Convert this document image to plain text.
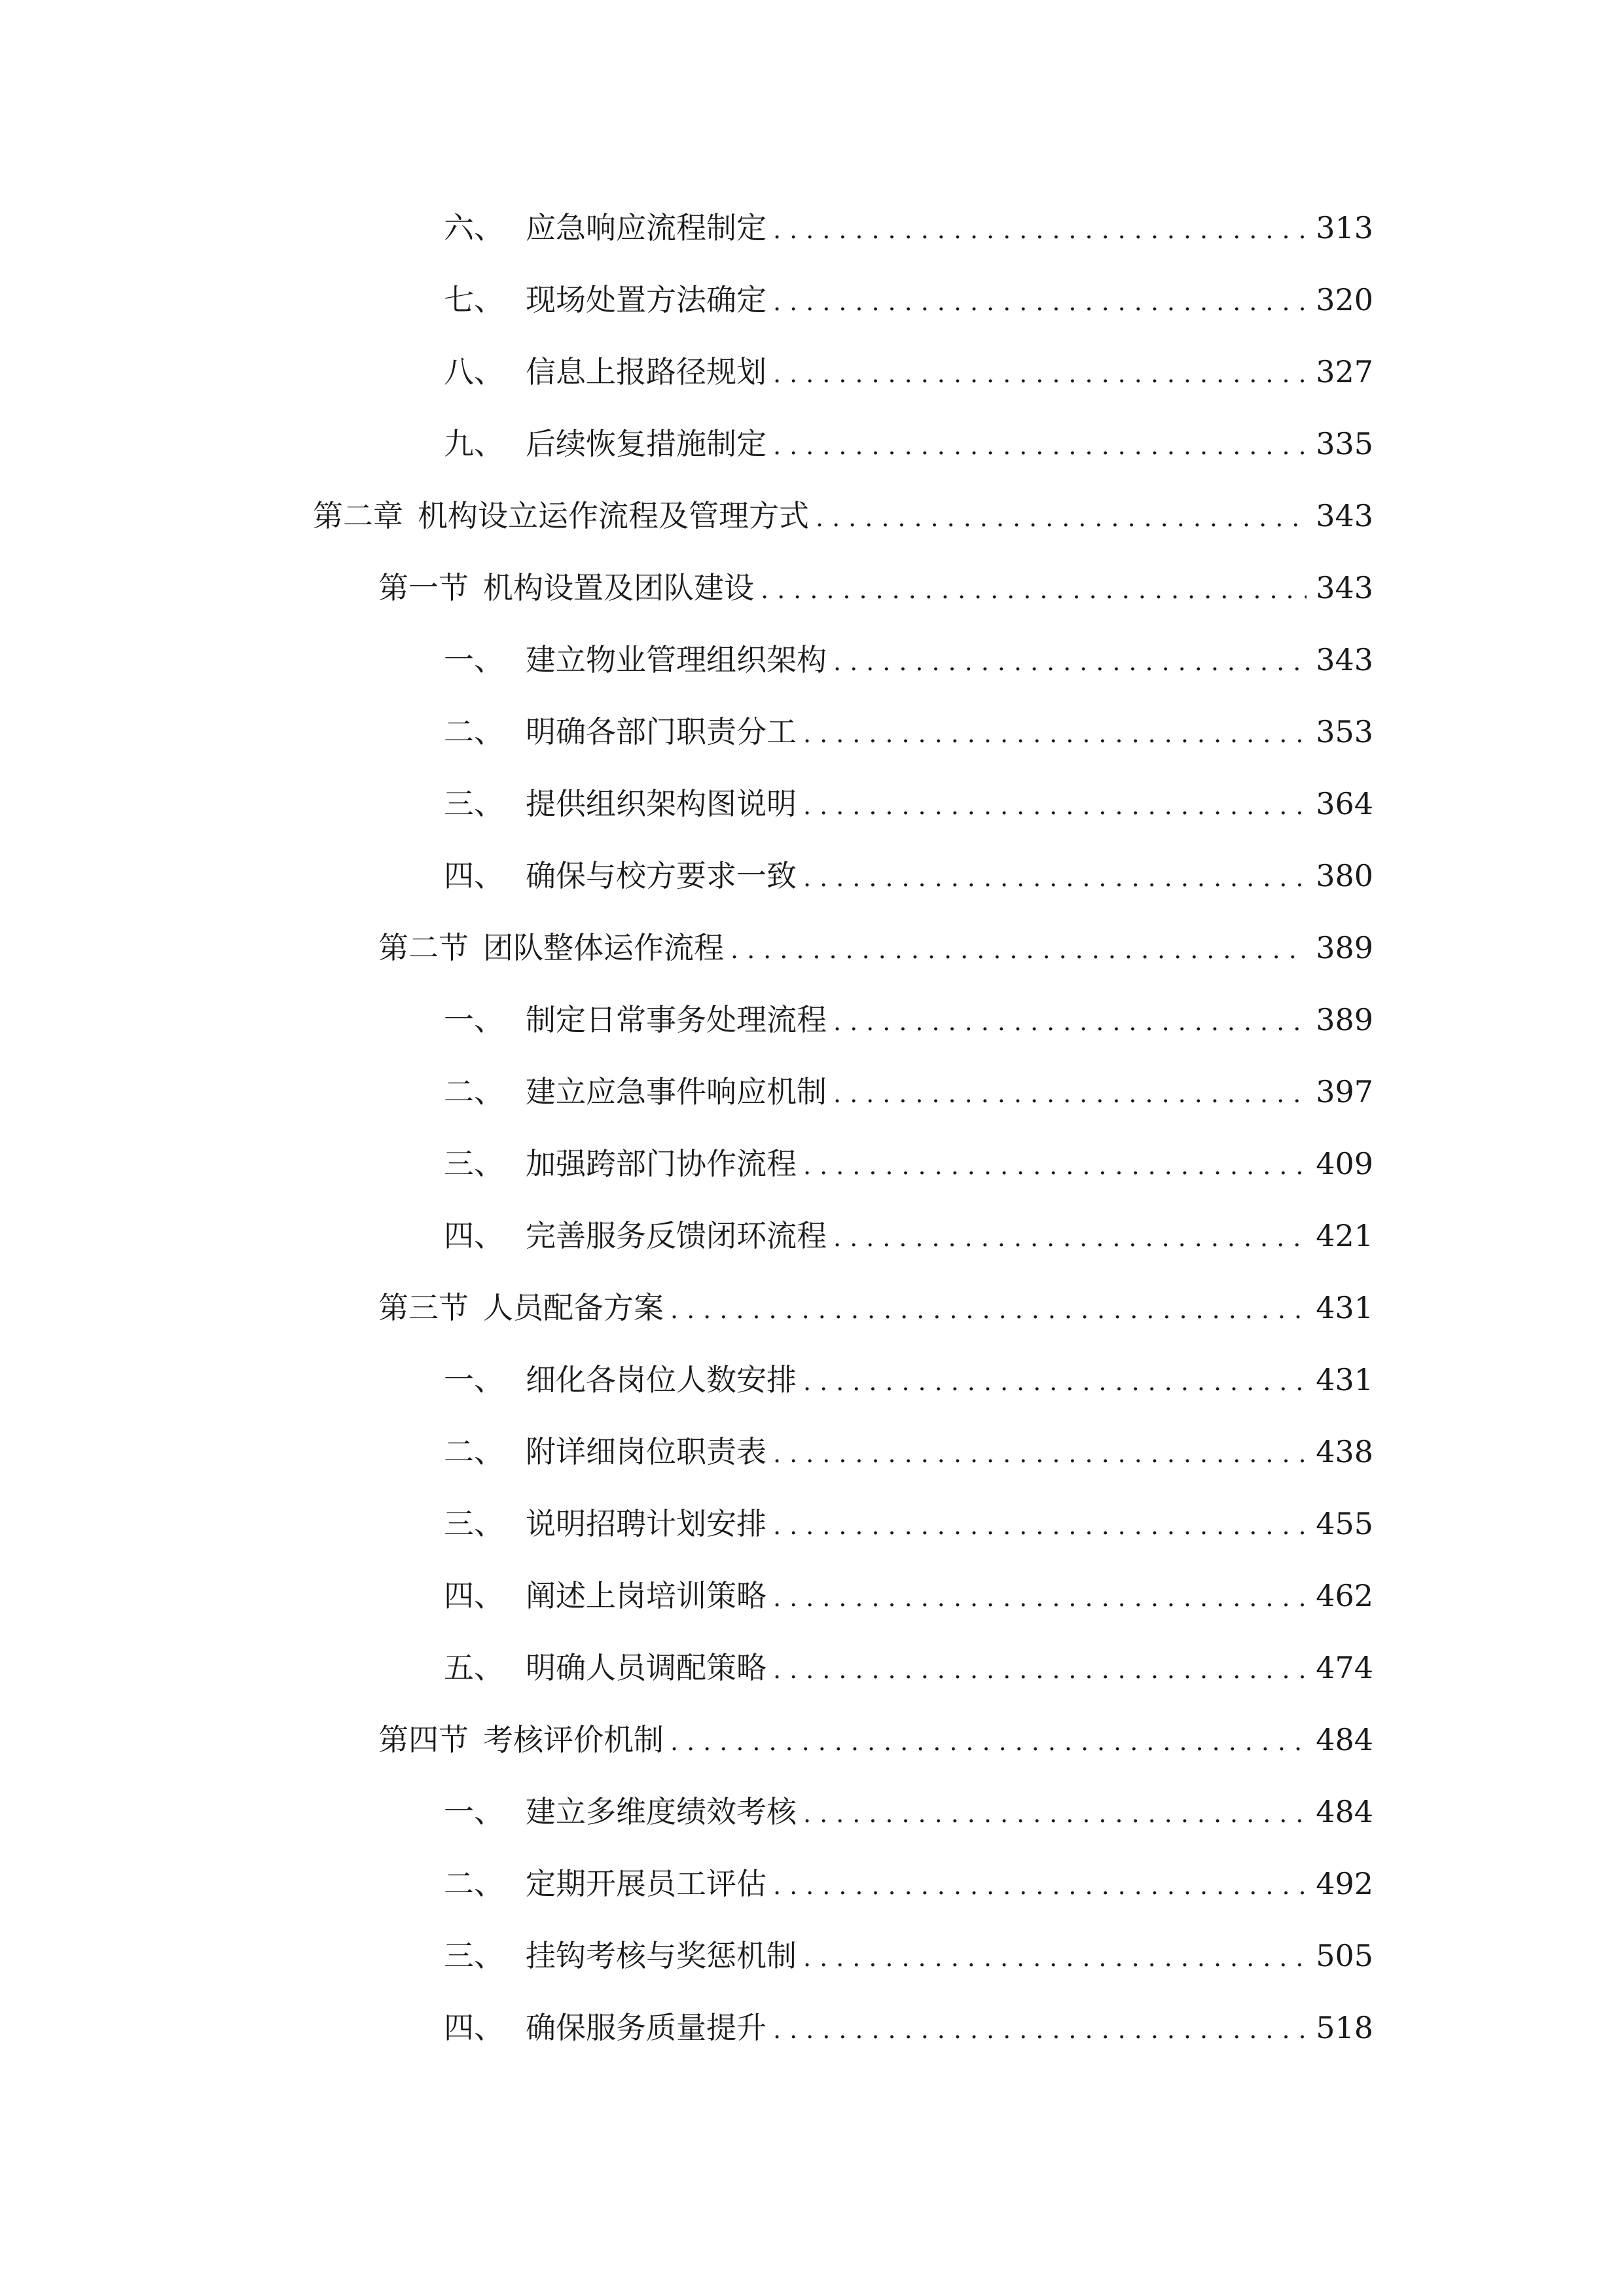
六、 应急响应流程制定 .....	313
七、 现场处置方法确定 .....	320
八、 信息上报路径规划 .....	327
九、 后续恢复措施制定 .....	335
第二章 机构设立运作流程及管理方式 .....	343
第一节 机构设置及团队建设 .....	343
一、 建立物业管理组织架构 .....	343
二、 明确各部门职责分工 .....	353
三、 提供组织架构图说明 .....	364
四、 确保与校方要求一致 .....	380
第二节 团队整体运作流程 .....	389
一、 制定日常事务处理流程 .....	389
二、 建立应急事件响应机制 .....	397
三、 加强跨部门协作流程 .....	409
四、 完善服务反馈闭环流程 .....	421
第三节 人员配备方案 .....	431
一、 细化各岗位人数安排 .....	431
二、 附详细岗位职责表 .....	438
三、 说明招聘计划安排 .....	455
四、 阐述上岗培训策略 .....	462
五、 明确人员调配策略 .....	474
第四节 考核评价机制 .....	484
一、 建立多维度绩效考核 .....	484
二、 定期开展员工评估 .....	492
三、 挂钩考核与奖惩机制 .....	505
四、 确保服务质量提升 .....	518
